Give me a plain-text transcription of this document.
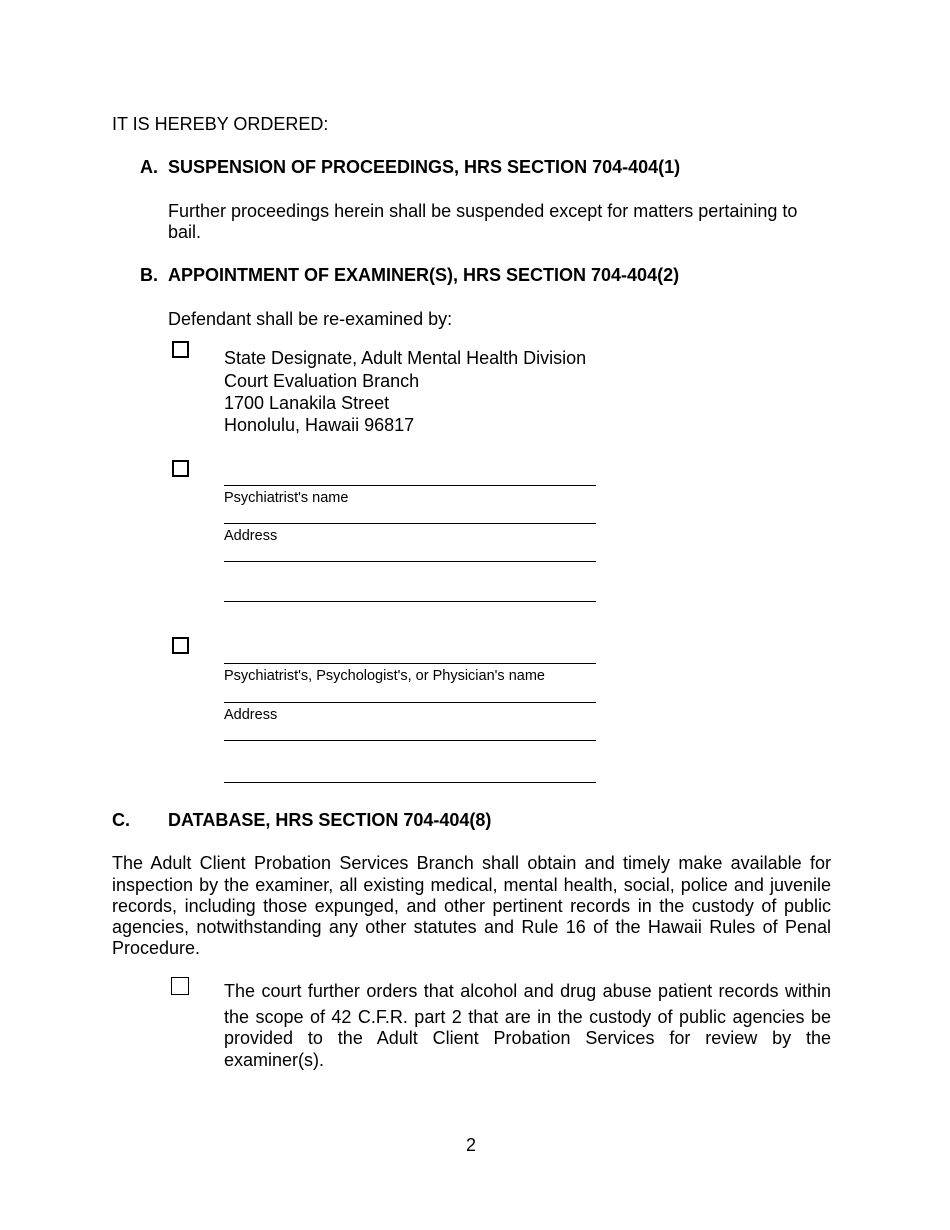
IT IS HEREBY ORDERED:
A. SUSPENSION OF PROCEEDINGS, HRS SECTION 704-404(1)
Further proceedings herein shall be suspended except for matters pertaining to
bail.
B. APPOINTMENT OF EXAMINER(S), HRS SECTION 704-404(2)
Defendant shall be re-examined by:
State Designate, Adult Mental Health Division
Court Evaluation Branch
1700 Lanakila Street
Honolulu, Hawaii 96817
Psychiatrist's name
Address
Psychiatrist's, Psychologist's, or Physician's name
Address
C. DATABASE, HRS SECTION 704-404(8)
The Adult Client Probation Services Branch shall obtain and timely make available for
inspection by the examiner, all existing medical, mental health, social, police and juvenile
records, including those expunged, and other pertinent records in the custody of public
agencies, notwithstanding any other statutes and Rule 16 of the Hawaii Rules of Penal
Procedure.
The court further orders that alcohol and drug abuse patient records within
the scope of 42 C.F.R. part 2 that are in the custody of public agencies be
provided to the Adult Client Probation Services for review by the
examiner(s).
2
